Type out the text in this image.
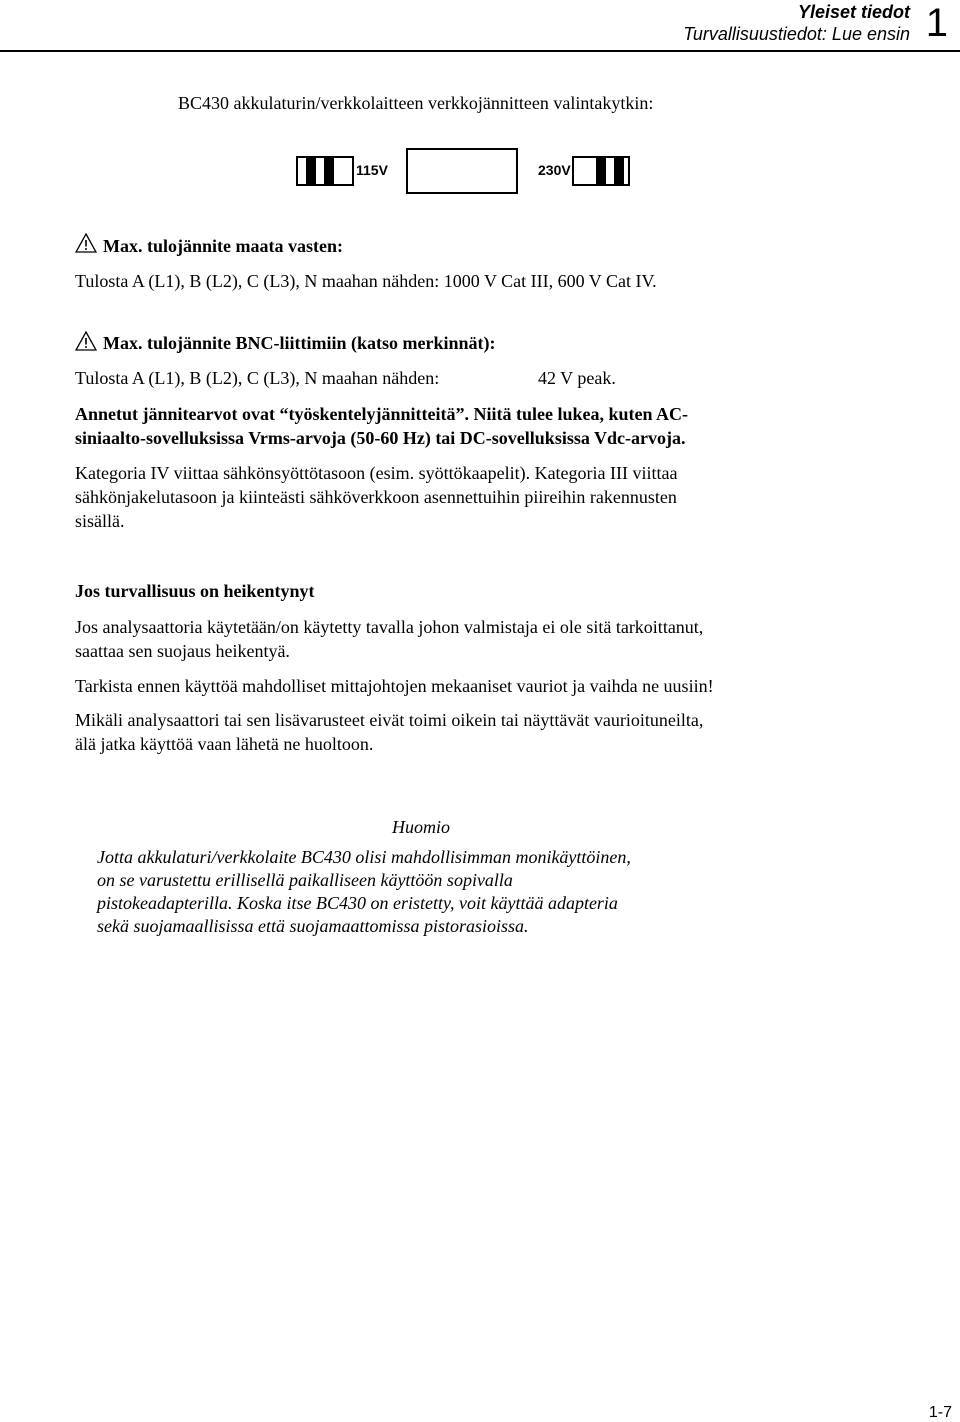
Yleiset tiedot
Turvallisuustiedot: Lue ensin 1
BC430 akkulaturin/verkkolaitteen verkkojännitteen valintakytkin:
115V	230V
Max. tulojännite maata vasten:
Tulosta A (L1), B (L2), C (L3), N maahan nähden: 1000 V Cat III, 600 V Cat IV.
Max. tulojännite BNC-liittimiin (katso merkinnät):
Tulosta A (L1), B (L2), C (L3), N maahan nähden:	42 V peak.
Annetut jännitearvot ovat “työskentelyjännitteitä”. Niitä tulee lukea, kuten AC-
siniaalto-sovelluksissa Vrms-arvoja (50-60 Hz) tai DC-sovelluksissa Vdc-arvoja.
Kategoria IV viittaa sähkönsyöttötasoon (esim. syöttökaapelit). Kategoria III viittaa
sähkönjakelutasoon ja kiinteästi sähköverkkoon asennettuihin piireihin rakennusten
sisällä.
Jos turvallisuus on heikentynyt
Jos analysaattoria käytetään/on käytetty tavalla johon valmistaja ei ole sitä tarkoittanut,
saattaa sen suojaus heikentyä.
Tarkista ennen käyttöä mahdolliset mittajohtojen mekaaniset vauriot ja vaihda ne uusiin!
Mikäli analysaattori tai sen lisävarusteet eivät toimi oikein tai näyttävät vaurioituneilta,
älä jatka käyttöä vaan lähetä ne huoltoon.
Huomio
Jotta akkulaturi/verkkolaite BC430 olisi mahdollisimman monikäyttöinen,
on se varustettu erillisellä paikalliseen käyttöön sopivalla
pistokeadapterilla. Koska itse BC430 on eristetty, voit käyttää adapteria
sekä suojamaallisissa että suojamaattomissa pistorasioissa.
1-7
